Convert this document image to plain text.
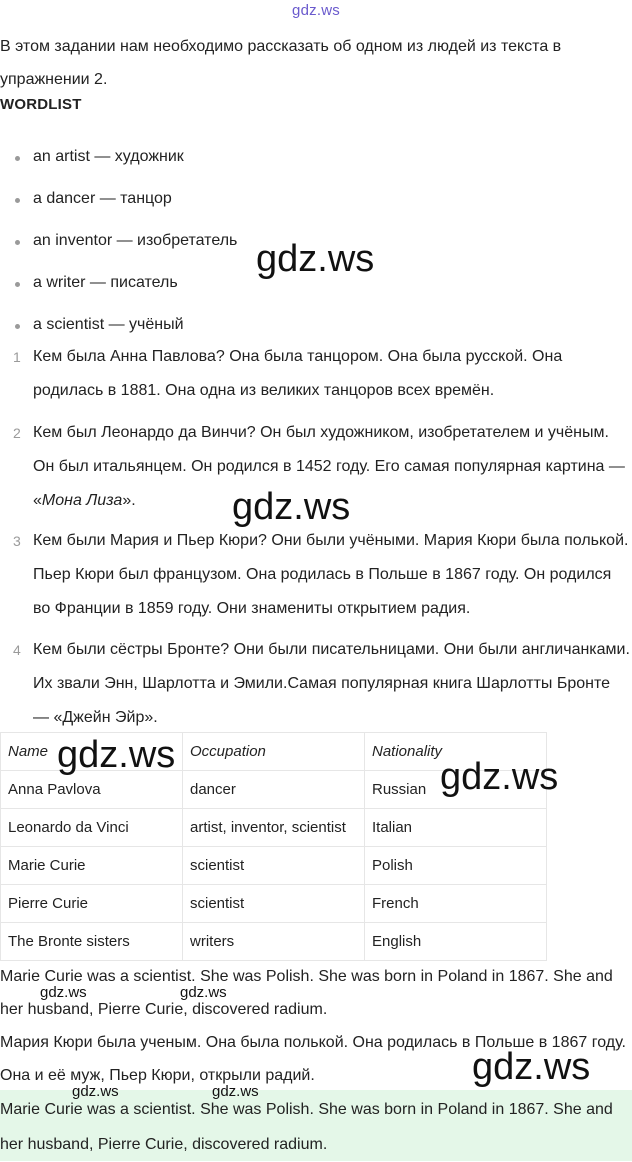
gdz.ws
В этом задании нам необходимо рассказать об одном из людей из текста в упражнении 2.
WORDLIST
an artist — художник
a dancer — танцор
an inventor — изобретатель
a writer — писатель
a scientist — учёный
1 Кем была Анна Павлова? Она была танцором. Она была русской. Она родилась в 1881. Она одна из великих танцоров всех времён.
2 Кем был Леонардо да Винчи? Он был художником, изобретателем и учёным. Он был итальянцем. Он родился в 1452 году. Его самая популярная картина — «Мона Лиза».
3 Кем были Мария и Пьер Кюри? Они были учёными. Мария Кюри была полькой. Пьер Кюри был французом. Она родилась в Польше в 1867 году. Он родился во Франции в 1859 году. Они знамениты открытием радия.
4 Кем были сёстры Бронте? Они были писательницами. Они были англичанками. Их звали Энн, Шарлотта и Эмили.Самая популярная книга Шарлотты Бронте — «Джейн Эйр».
Name	Occupation	Nationality
Anna Pavlova	dancer	Russian
Leonardo da Vinci	artist, inventor, scientist	Italian
Marie Curie	scientist	Polish
Pierre Curie	scientist	French
The Bronte sisters	writers	English
Marie Curie was a scientist. She was Polish. She was born in Poland in 1867. She and her husband, Pierre Curie, discovered radium.
Мария Кюри была ученым. Она была полькой. Она родилась в Польше в 1867 году. Она и её муж, Пьер Кюри, открыли радий.
Marie Curie was a scientist. She was Polish. She was born in Poland in 1867. She and her husband, Pierre Curie, discovered radium.
gdz.ws
gdz.ws
gdz.ws
gdz.ws
gdz.ws
gdz.ws	gdz.ws
gdz.ws	gdz.ws
